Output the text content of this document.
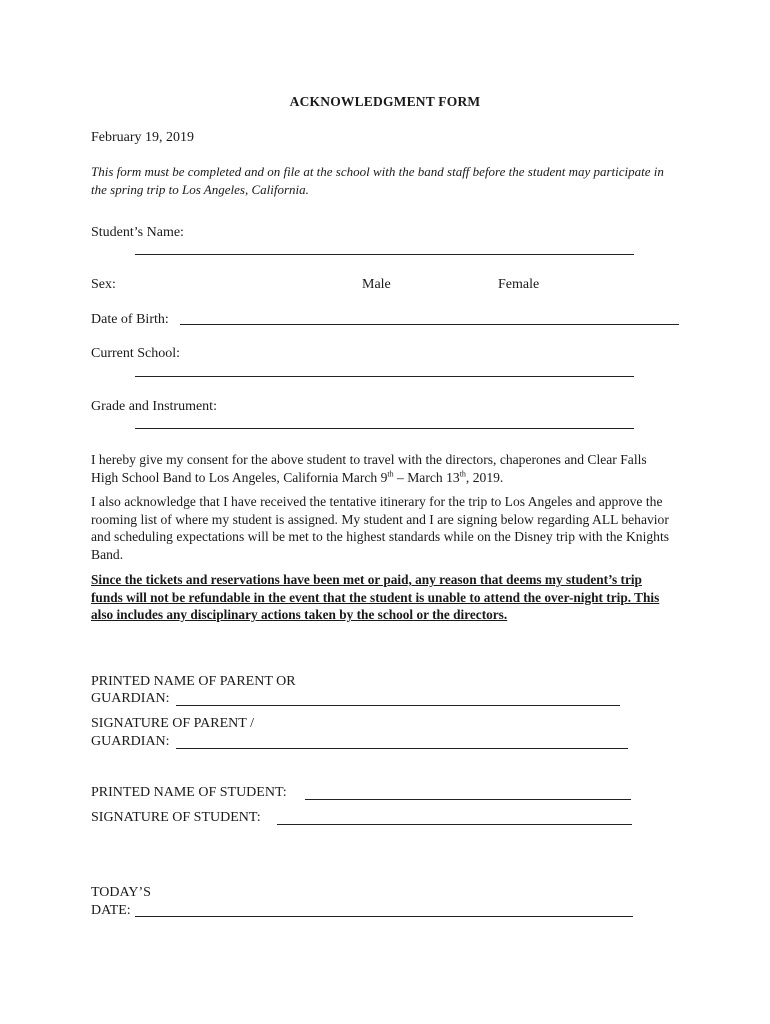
ACKNOWLEDGMENT FORM
February 19, 2019
This form must be completed and on file at the school with the band staff before the student may participate in the spring trip to Los Angeles, California.
Student’s Name:
Sex:	Male	Female
Date of Birth:
Current School:
Grade and Instrument:
I hereby give my consent for the above student to travel with the directors, chaperones and Clear Falls High School Band to Los Angeles, California March 9th – March 13th, 2019.
I also acknowledge that I have received the tentative itinerary for the trip to Los Angeles and approve the rooming list of where my student is assigned. My student and I are signing below regarding ALL behavior and scheduling expectations will be met to the highest standards while on the Disney trip with the Knights Band.
Since the tickets and reservations have been met or paid, any reason that deems my student’s trip funds will not be refundable in the event that the student is unable to attend the over-night trip. This also includes any disciplinary actions taken by the school or the directors.
PRINTED NAME OF PARENT OR
GUARDIAN:
SIGNATURE OF PARENT /
GUARDIAN:
PRINTED NAME OF STUDENT:
SIGNATURE OF STUDENT:
TODAY’S
DATE:
